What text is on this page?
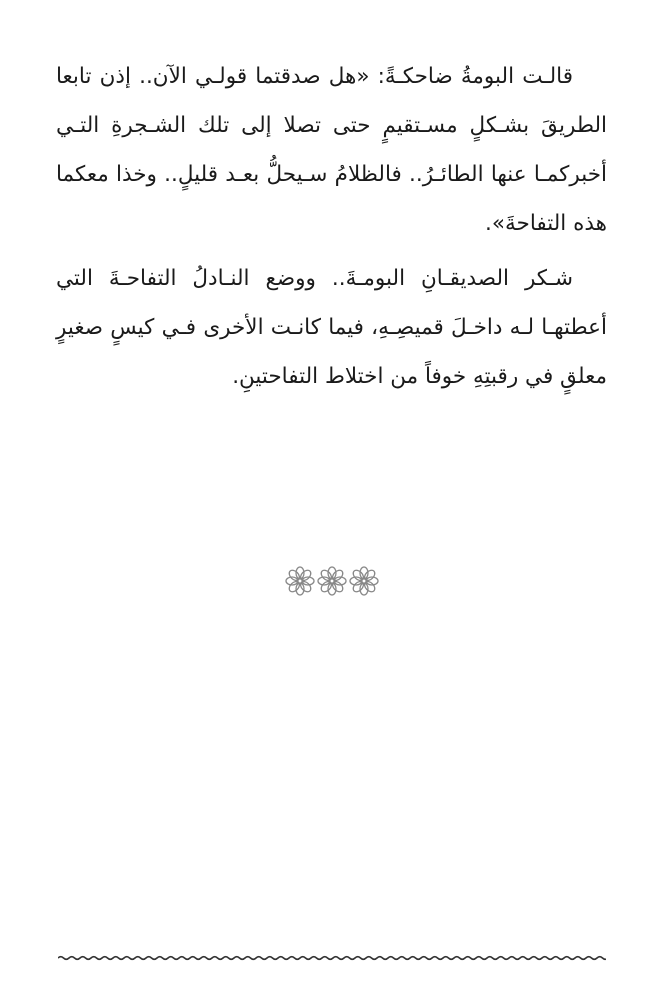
قالـت البومةُ ضاحكـةً: «هل صدقتما قولـي الآن.. إذن تابعا الطريقَ بشـكلٍ مسـتقيمٍ حتى تصلا إلى تلك الشـجرةِ التـي أخبركمـا عنها الطائـرُ.. فالظلامُ سـيحلُّ بعـد قليلٍ.. وخذا معكما هذه التفاحةَ».

شـكر الصديقـانِ البومـةَ.. ووضع النـادلُ التفاحـةَ التي أعطتهـا لـه داخـلَ قميصِـهِ، فيما كانـت الأخرى فـي كيسٍ صغيرٍ معلقٍ في رقبتِهِ خوفاً من اختلاط التفاحتينِ.
